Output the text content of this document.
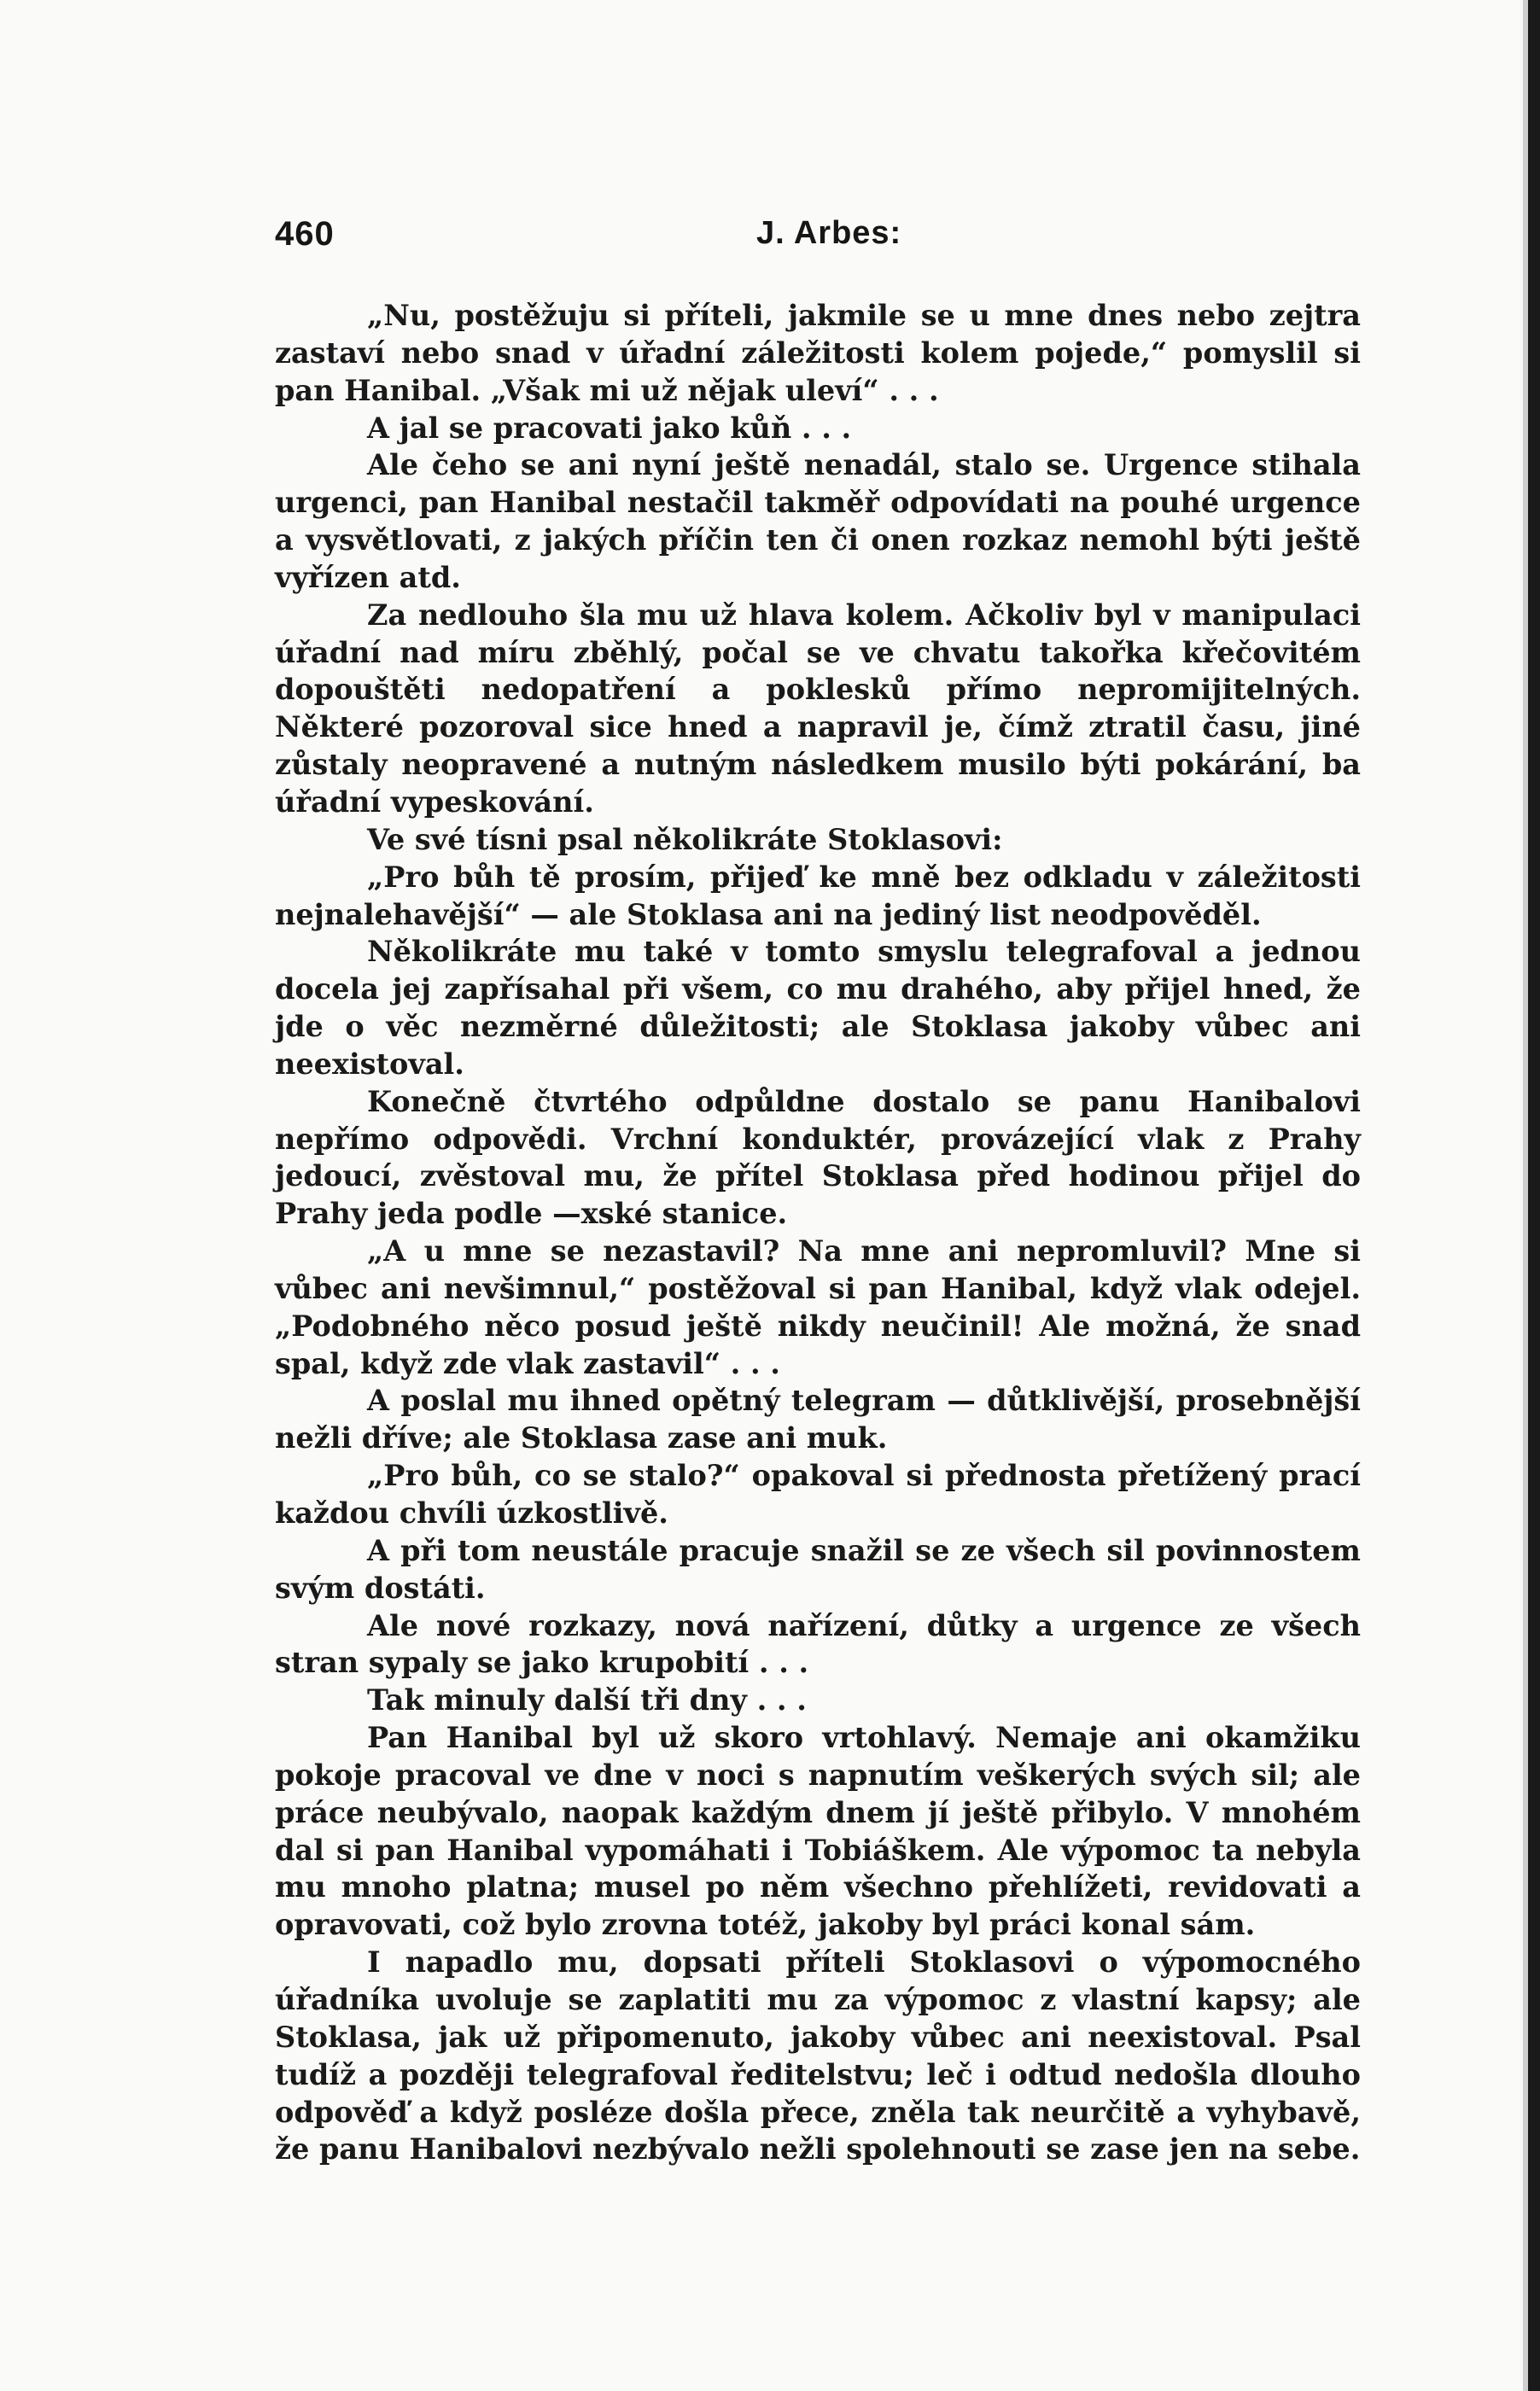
460	J. Arbes:

„Nu, postěžuju si příteli, jakmile se u mne dnes nebo zejtra zastaví nebo snad v úřadní záležitosti kolem pojede,“ pomyslil si pan Hanibal. „Však mi už nějak uleví“ . . .

A jal se pracovati jako kůň . . .

Ale čeho se ani nyní ještě nenadál, stalo se. Urgence stihala urgenci, pan Hanibal nestačil takměř odpovídati na pouhé urgence a vysvětlovati, z jakých příčin ten či onen rozkaz nemohl býti ještě vyřízen atd.

Za nedlouho šla mu už hlava kolem. Ačkoliv byl v manipulaci úřadní nad míru zběhlý, počal se ve chvatu takořka křečovitém dopouštěti nedopatření a poklesků přímo nepromijitelných. Některé pozoroval sice hned a napravil je, čímž ztratil času, jiné zůstaly neopravené a nutným následkem musilo býti pokárání, ba úřadní vypeskování.

Ve své tísni psal několikráte Stoklasovi:

„Pro bůh tě prosím, přijeď ke mně bez odkladu v záležitosti nejnalehavější“ — ale Stoklasa ani na jediný list neodpověděl.

Několikráte mu také v tomto smyslu telegrafoval a jednou docela jej zapřísahal při všem, co mu drahého, aby přijel hned, že jde o věc nezměrné důležitosti; ale Stoklasa jakoby vůbec ani neexistoval.

Konečně čtvrtého odpůldne dostalo se panu Hanibalovi nepřímo odpovědi. Vrchní konduktér, provázející vlak z Prahy jedoucí, zvěstoval mu, že přítel Stoklasa před hodinou přijel do Prahy jeda podle —xské stanice.

„A u mne se nezastavil? Na mne ani nepromluvil? Mne si vůbec ani nevšimnul,“ postěžoval si pan Hanibal, když vlak odejel. „Podobného něco posud ještě nikdy neučinil! Ale možná, že snad spal, když zde vlak zastavil“ . . .

A poslal mu ihned opětný telegram — důtklivější, prosebnější nežli dříve; ale Stoklasa zase ani muk.

„Pro bůh, co se stalo?“ opakoval si přednosta přetížený prací každou chvíli úzkostlivě.

A při tom neustále pracuje snažil se ze všech sil povinnostem svým dostáti.

Ale nové rozkazy, nová nařízení, důtky a urgence ze všech stran sypaly se jako krupobití . . .

Tak minuly další tři dny . . .

Pan Hanibal byl už skoro vrtohlavý. Nemaje ani okamžiku pokoje pracoval ve dne v noci s napnutím veškerých svých sil; ale práce neubývalo, naopak každým dnem jí ještě přibylo. V mnohém dal si pan Hanibal vypomáhati i Tobiáškem. Ale výpomoc ta nebyla mu mnoho platna; musel po něm všechno přehlížeti, revidovati a opravovati, což bylo zrovna totéž, jakoby byl práci konal sám.

I napadlo mu, dopsati příteli Stoklasovi o výpomocného úřadníka uvoluje se zaplatiti mu za výpomoc z vlastní kapsy; ale Stoklasa, jak už připomenuto, jakoby vůbec ani neexistoval. Psal tudíž a později telegrafoval ředitelstvu; leč i odtud nedošla dlouho odpověď a když posléze došla přece, zněla tak neurčitě a vyhybavě, že panu Hanibalovi nezbývalo nežli spolehnouti se zase jen na sebe.
